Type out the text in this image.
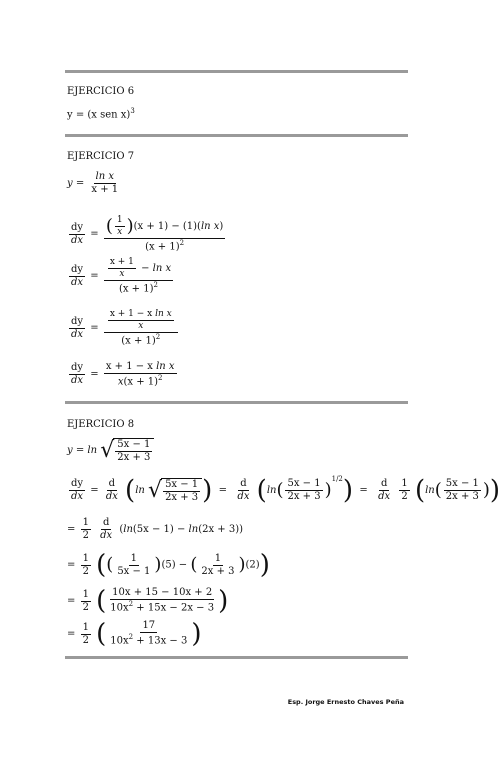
EJERCICIO 6
y = (x sen x)$^3$
EJERCICIO 7
$y = \frac{\text{ln x}}{x + 1}$
$\frac{dy}{dx} = \frac{( \frac{1}{x} )(x + 1) - (1)(\ln x)}{(x + 1)^2}$
$\frac{dy}{dx} = \frac{\frac{x + 1}{x} - \ln x}{(x + 1)^2}$
$\frac{dy}{dx} = \frac{\frac{\text{x + 1 − x ln x}}{x}}{(x + 1)^2}$
$\frac{dy}{dx} = \frac{\text{x + 1 − x ln x}}{x(x + 1)^2}$
EJERCICIO 8
y = ln √ $\frac{5x - 1}{2x + 3}$
$\frac{dy}{dx} = \frac{d}{dx} (\ln$ √ $\frac{5x - 1}{2x + 3}$ )  = $\frac{d}{dx} (\ln( \frac{5x - 1}{2x + 3} )^{1/2}) = \frac{d}{dx}$
$\frac{1}{2} (\ln( \frac{5x - 1}{2x + 3}$ ))
= $\frac{1}{2}$
$\frac{d}{dx} (\ln(5x - 1) - \ln(2x + 3))$
= $\frac{1}{2}$ (( $\frac{1}{5x - 1} )(5)$ − ( $\frac{1}{2x + 3} )(2)$)
= $\frac{1}{2}$ ( $\frac{10x + 15 - 10x + 2}{10x^2 + 15x - 2x - 3}$ )
= $\frac{1}{2}$ ( $\frac{17}{10x^2 + 13x - 3}$ )
Esp. Jorge Ernesto Chaves Peña
